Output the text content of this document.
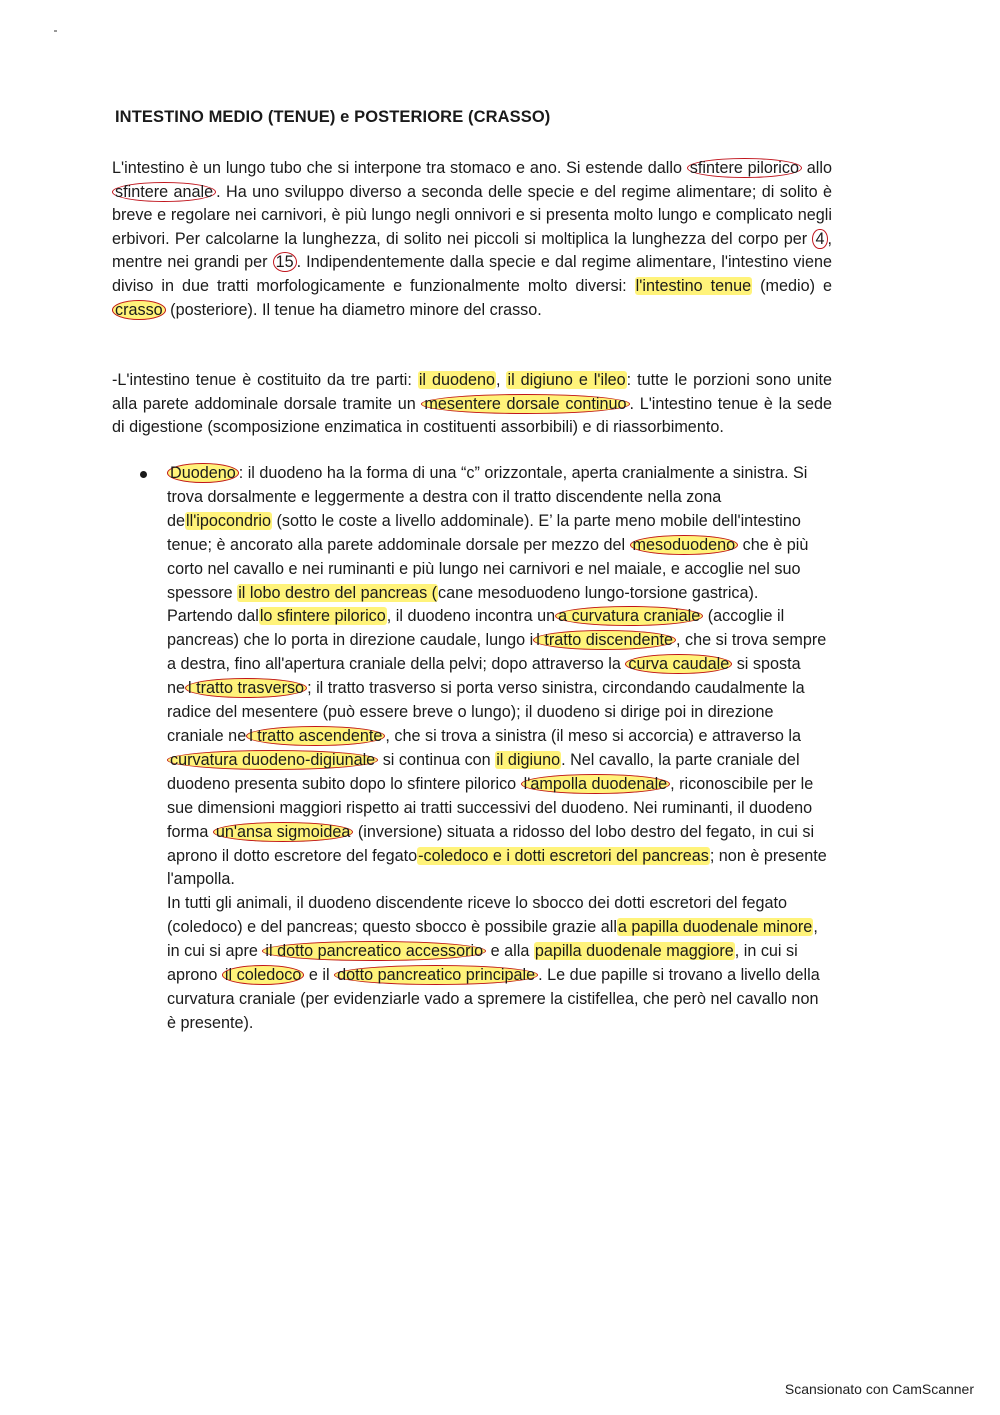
INTESTINO MEDIO (TENUE) e POSTERIORE (CRASSO)
L'intestino è un lungo tubo che si interpone tra stomaco e ano. Si estende dallo sfintere pilorico allo sfintere anale . Ha uno sviluppo diverso a seconda delle specie e del regime alimentare; di solito è breve e regolare nei carnivori, è più lungo negli onnivori e si presenta molto lungo e complicato negli erbivori. Per calcolarne la lunghezza, di solito nei piccoli si moltiplica la lunghezza del corpo per 4 , mentre nei grandi per 15 . Indipendentemente dalla specie e dal regime alimentare, l'intestino viene diviso in due tratti morfologicamente e funzionalmente molto diversi: l'intestino tenue (medio) e crasso (posteriore). Il tenue ha diametro minore del crasso.
-L'intestino tenue è costituito da tre parti: il duodeno, il digiuno e l'ileo: tutte le porzioni sono unite alla parete addominale dorsale tramite un mesentere dorsale continuo . L'intestino tenue è la sede di digestione (scomposizione enzimatica in costituenti assorbibili) e di riassorbimento.
Duodeno : il duodeno ha la forma di una “c” orizzontale, aperta cranialmente a sinistra. Si trova dorsalmente e leggermente a destra con il tratto discendente nella zona dell'ipocondrio (sotto le coste a livello addominale). E’ la parte meno mobile dell'intestino tenue; è ancorato alla parete addominale dorsale per mezzo del mesoduodeno che è più corto nel cavallo e nei ruminanti e più lungo nei carnivori e nel maiale, e accoglie nel suo spessore il lobo destro del pancreas (cane mesoduodeno lungo-torsione gastrica). Partendo dallo sfintere pilorico, il duodeno incontra un a curvatura craniale (accoglie il pancreas) che lo porta in direzione caudale, lungo i l tratto discendente , che si trova sempre a destra, fino all'apertura craniale della pelvi; dopo attraverso la curva caudale si sposta ne l tratto trasverso ; il tratto trasverso si porta verso sinistra, circondando caudalmente la radice del mesentere (può essere breve o lungo); il duodeno si dirige poi in direzione craniale ne l tratto ascendente , che si trova a sinistra (il meso si accorcia) e attraverso la curvatura duodeno-digiunale si continua con il digiuno. Nel cavallo, la parte craniale del duodeno presenta subito dopo lo sfintere pilorico l'ampolla duodenale , riconoscibile per le sue dimensioni maggiori rispetto ai tratti successivi del duodeno. Nei ruminanti, il duodeno forma un'ansa sigmoidea (inversione) situata a ridosso del lobo destro del fegato, in cui si aprono il dotto escretore del fegato-coledoco e i dotti escretori del pancreas; non è presente l'ampolla.
In tutti gli animali, il duodeno discendente riceve lo sbocco dei dotti escretori del fegato (coledoco) e del pancreas; questo sbocco è possibile grazie alla papilla duodenale minore, in cui si apre il dotto pancreatico accessorio e alla papilla duodenale maggiore, in cui si aprono il coledoco e il dotto pancreatico principale . Le due papille si trovano a livello della curvatura craniale (per evidenziarle vado a spremere la cistifellea, che però nel cavallo non è presente).
Scansionato con CamScanner
